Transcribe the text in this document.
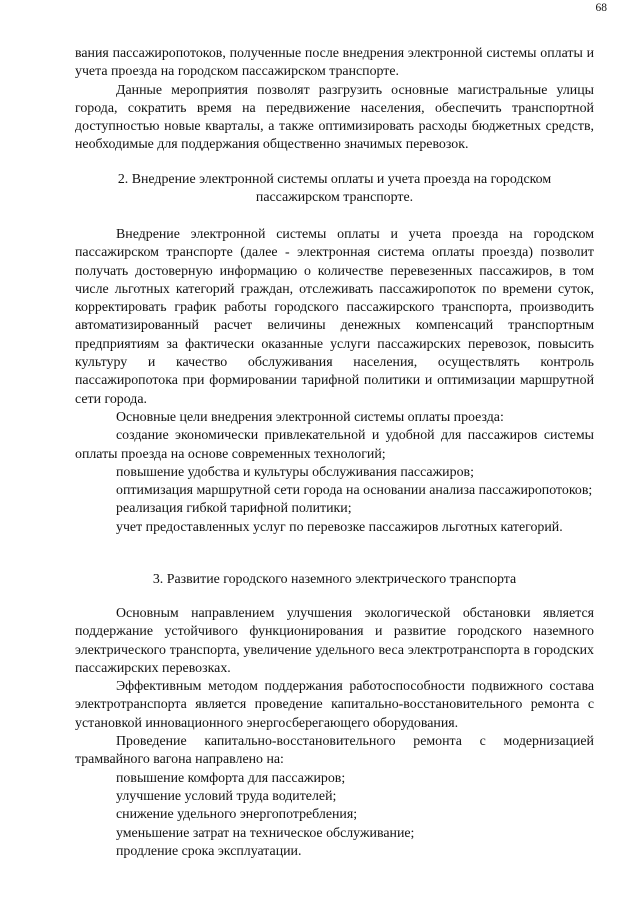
68

вания пассажиропотоков, полученные после внедрения электронной системы оплаты и учета проезда на городском пассажирском транспорте.

Данные мероприятия позволят разгрузить основные магистральные улицы города, сократить время на передвижение населения, обеспечить транспортной доступностью новые кварталы, а также оптимизировать расходы бюджетных средств, необходимые для поддержания общественно значимых перевозок.

2. Внедрение электронной системы оплаты и учета проезда на городском
пассажирском транспорте.

Внедрение электронной системы оплаты и учета проезда на городском пассажирском транспорте (далее - электронная система оплаты проезда) позволит получать достоверную информацию о количестве перевезенных пассажиров, в том числе льготных категорий граждан, отслеживать пассажиропоток по времени суток, корректировать график работы городского пассажирского транспорта, производить автоматизированный расчет величины денежных компенсаций транспортным предприятиям за фактически оказанные услуги пассажирских перевозок, повысить культуру и качество обслуживания населения, осуществлять контроль пассажиропотока при формировании тарифной политики и оптимизации маршрутной сети города.

Основные цели внедрения электронной системы оплаты проезда:

создание экономически привлекательной и удобной для пассажиров системы оплаты проезда на основе современных технологий;

повышение удобства и культуры обслуживания пассажиров;

оптимизация маршрутной сети города на основании анализа пассажиропотоков;

реализация гибкой тарифной политики;

учет предоставленных услуг по перевозке пассажиров льготных категорий.

3. Развитие городского наземного электрического транспорта

Основным направлением улучшения экологической обстановки является поддержание устойчивого функционирования и развитие городского наземного электрического транспорта, увеличение удельного веса электротранспорта в городских пассажирских перевозках.

Эффективным методом поддержания работоспособности подвижного состава электротранспорта является проведение капитально-восстановительного ремонта с установкой инновационного энергосберегающего оборудования.

Проведение капитально-восстановительного ремонта с модернизацией трамвайного вагона направлено на:

повышение комфорта для пассажиров;

улучшение условий труда водителей;

снижение удельного энергопотребления;

уменьшение затрат на техническое обслуживание;

продление срока эксплуатации.
